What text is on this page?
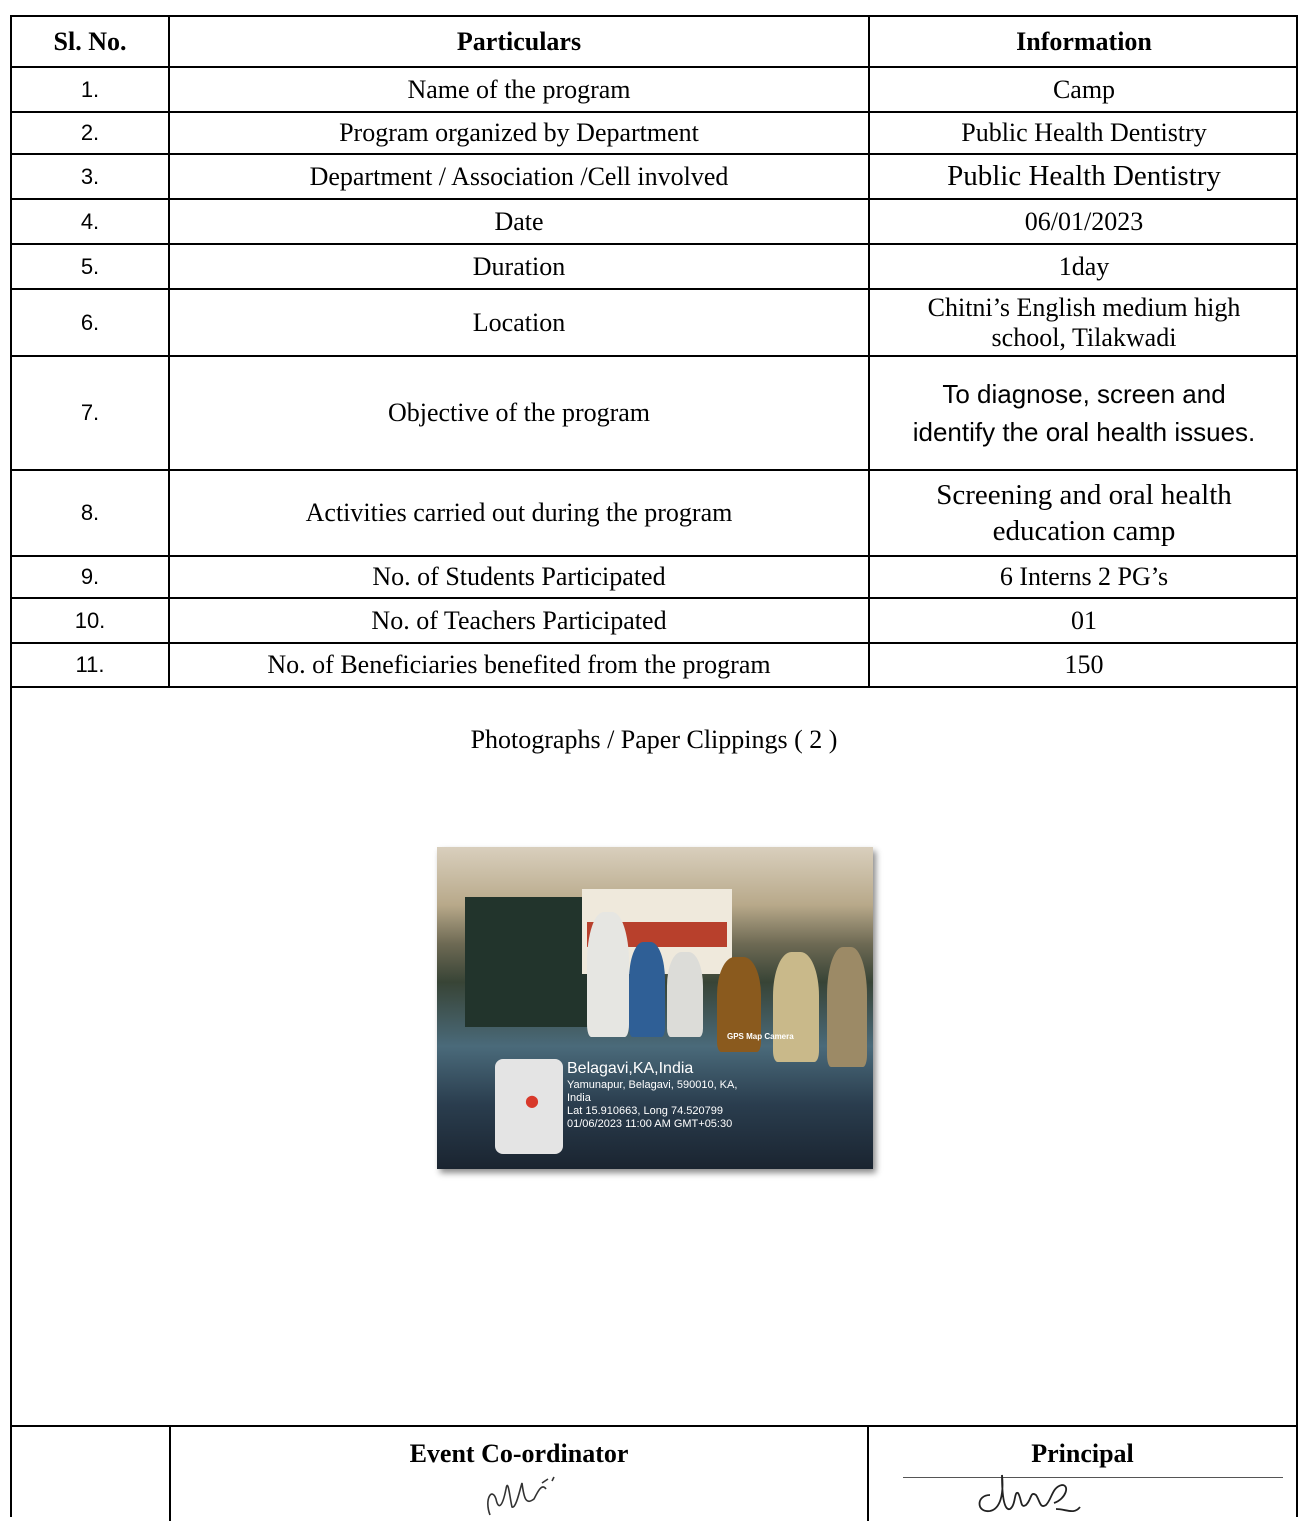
Sl. No.	Particulars	Information
1.	Name of the program	Camp
2.	Program organized by Department	Public Health Dentistry
3.	Department / Association /Cell involved	Public Health Dentistry
4.	Date	06/01/2023
5.	Duration	1day
6.	Location	Chitni’s English medium high
school, Tilakwadi

7.	Objective of the program	To diagnose, screen and
identify the oral health issues.

8.	Activities carried out during the program	Screening and oral health
education camp

9.	No. of Students Participated	6 Interns 2 PG’s
10.	No. of Teachers Participated	01
11.	No. of Beneficiaries benefited from the program	150
Photographs / Paper Clippings ( 2 )
GPS Map Camera
●
Belagavi,KA,India
Yamunapur, Belagavi, 590010, KA,
India
Lat 15.910663, Long 74.520799
01/06/2023 11:00 AM GMT+05:30
Event Co-ordinator	Principal
